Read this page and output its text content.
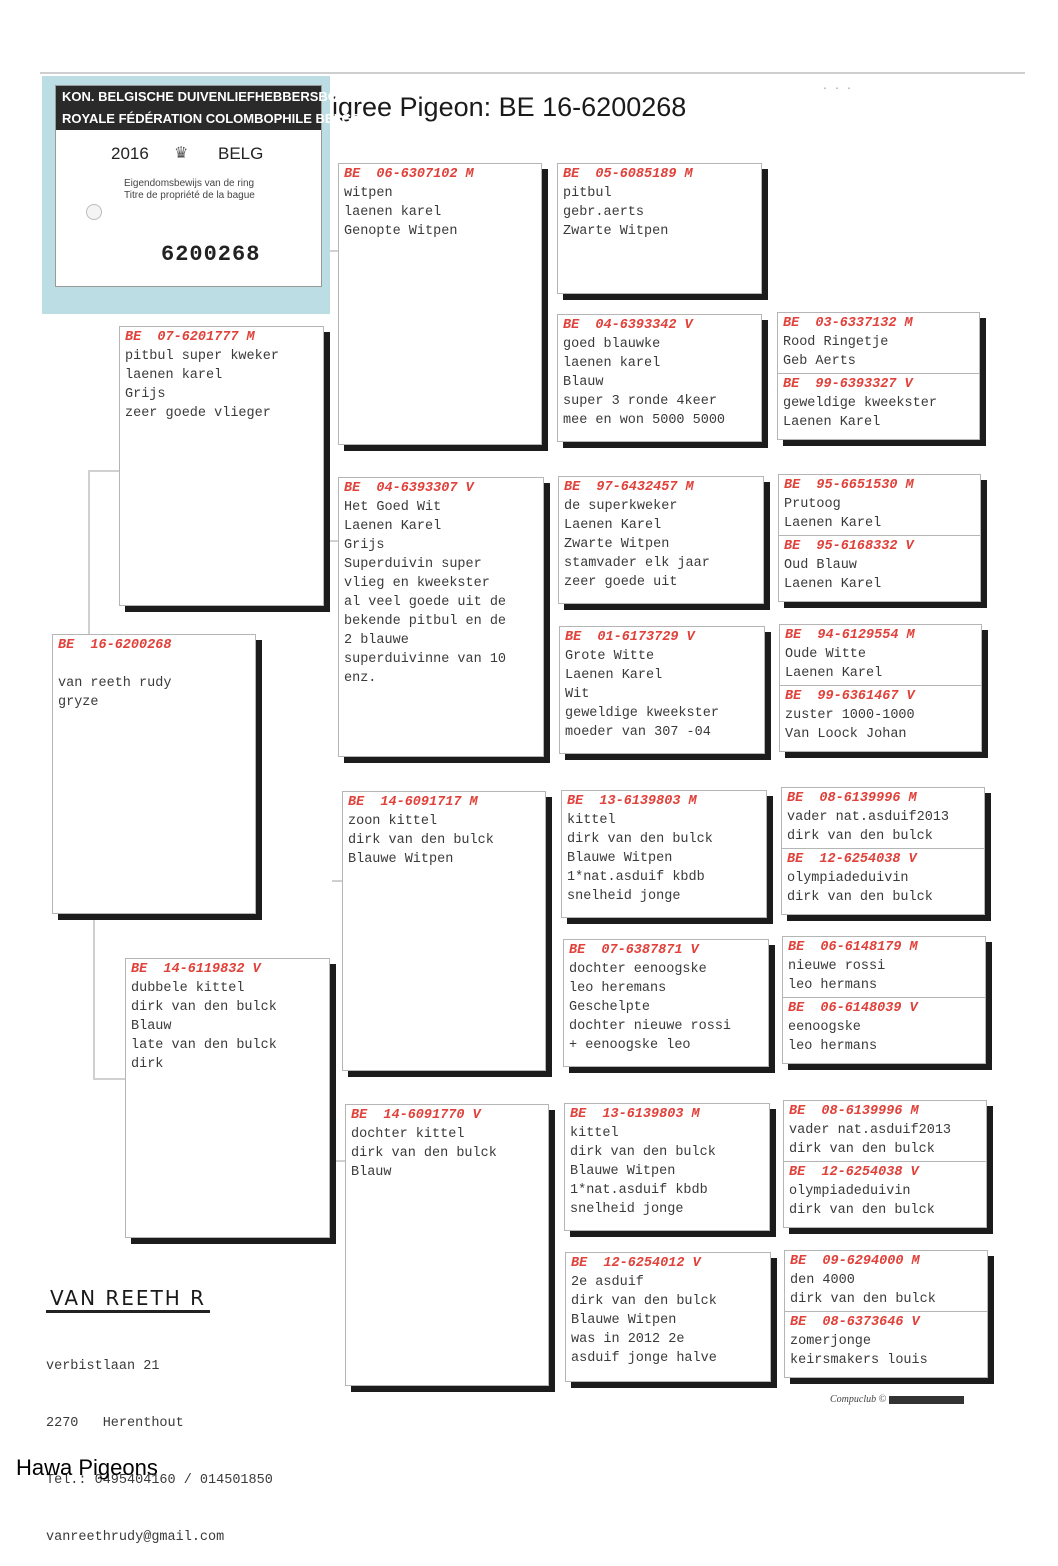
igree Pigeon: BE 16-6200268
· · ·
KON. BELGISCHE DUIVENLIEFHEBBERSBOND
ROYALE FÉDÉRATION COLOMBOPHILE BELGE
2016 ♛ BELG
Eigendomsbewijs van de ring
Titre de propriété de la bague
6200268
BE  16-6200268
van reeth rudy
gryze
BE  07-6201777 M
pitbul super kweker
laenen karel
Grijs
zeer goede vlieger
BE  14-6119832 V
dubbele kittel
dirk van den bulck
Blauw
late van den bulck
dirk
BE  06-6307102 M
witpen
laenen karel
Genopte Witpen
BE  04-6393307 V
Het Goed Wit
Laenen Karel
Grijs
Superduivin super
vlieg en kweekster
al veel goede uit de
bekende pitbul en de
2 blauwe
superduivinne van 10
enz.
BE  14-6091717 M
zoon kittel
dirk van den bulck
Blauwe Witpen
BE  14-6091770 V
dochter kittel
dirk van den bulck
Blauw
BE  05-6085189 M
pitbul
gebr.aerts
Zwarte Witpen
BE  04-6393342 V
goed blauwke
laenen karel
Blauw
super 3 ronde 4keer
mee en won 5000 5000
BE  97-6432457 M
de superkweker
Laenen Karel
Zwarte Witpen
stamvader elk jaar
zeer goede uit
BE  01-6173729 V
Grote Witte
Laenen Karel
Wit
geweldige kweekster
moeder van 307 -04
BE  13-6139803 M
kittel
dirk van den bulck
Blauwe Witpen
1*nat.asduif kbdb
snelheid jonge
BE  07-6387871 V
dochter eenoogske
leo heremans
Geschelpte
dochter nieuwe rossi
+ eenoogske leo
BE  13-6139803 M
kittel
dirk van den bulck
Blauwe Witpen
1*nat.asduif kbdb
snelheid jonge
BE  12-6254012 V
2e asduif
dirk van den bulck
Blauwe Witpen
was in 2012 2e
asduif jonge halve
BE  03-6337132 M
Rood Ringetje
Geb Aerts
BE  99-6393327 V
geweldige kweekster
Laenen Karel
BE  95-6651530 M
Prutoog
Laenen Karel
BE  95-6168332 V
Oud Blauw
Laenen Karel
BE  94-6129554 M
Oude Witte
Laenen Karel
BE  99-6361467 V
zuster 1000-1000
Van Loock Johan
BE  08-6139996 M
vader nat.asduif2013
dirk van den bulck
BE  12-6254038 V
olympiadeduivin
dirk van den bulck
BE  06-6148179 M
nieuwe rossi
leo hermans
BE  06-6148039 V
eenoogske
leo hermans
BE  08-6139996 M
vader nat.asduif2013
dirk van den bulck
BE  12-6254038 V
olympiadeduivin
dirk van den bulck
BE  09-6294000 M
den 4000
dirk van den bulck
BE  08-6373646 V
zomerjonge
keirsmakers louis
VAN REETH R

verbistlaan 21

2270   Herenthout

Tel.: 0495404160 / 014501850

vanreethrudy@gmail.com

Compuclub ©
Hawa Pigeons
